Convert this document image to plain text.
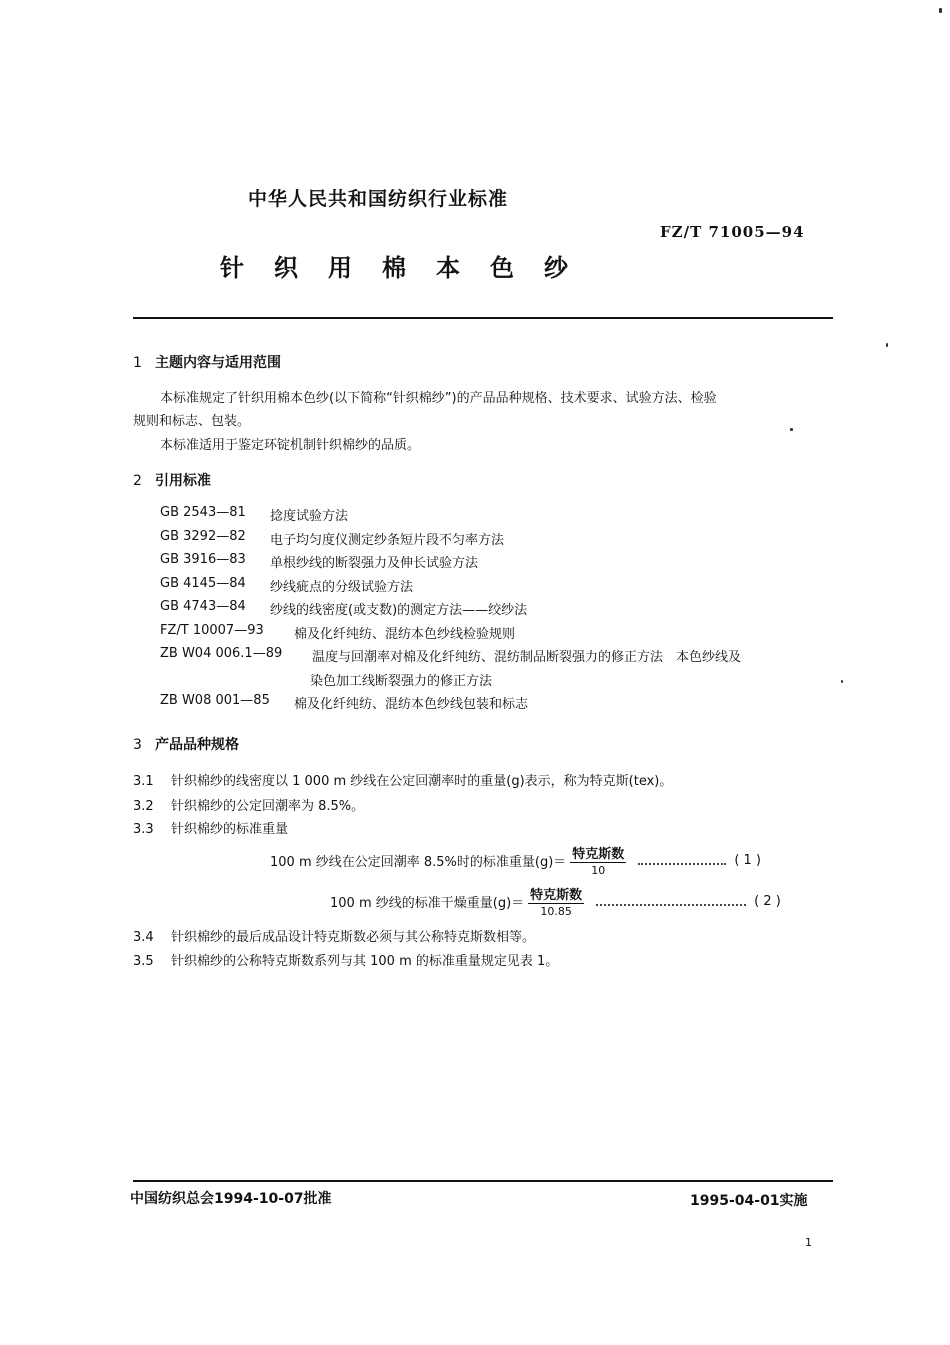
中华人民共和国纺织行业标准
FZ/T 71005—94
针织用棉本色纱
1 主题内容与适用范围
本标准规定了针织用棉本色纱(以下简称“针织棉纱”)的产品品种规格、技术要求、试验方法、检验
规则和标志、包装。
本标准适用于鉴定环锭机制针织棉纱的品质。
2 引用标准
GB 2543—81	捻度试验方法
GB 3292—82	电子均匀度仪测定纱条短片段不匀率方法
GB 3916—83	单根纱线的断裂强力及伸长试验方法
GB 4145—84	纱线疵点的分级试验方法
GB 4743—84	纱线的线密度(或支数)的测定方法——绞纱法
FZ/T 10007—93	棉及化纤纯纺、混纺本色纱线检验规则
ZB W04 006.1—89	温度与回潮率对棉及化纤纯纺、混纺制品断裂强力的修正方法　本色纱线及
染色加工线断裂强力的修正方法
ZB W08 001—85	棉及化纤纯纺、混纺本色纱线包装和标志
3 产品品种规格
3.1 针织棉纱的线密度以 1 000 m 纱线在公定回潮率时的重量(g)表示，称为特克斯(tex)。
3.2 针织棉纱的公定回潮率为 8.5%。
3.3 针织棉纱的标准重量
100 m 纱线在公定回潮率 8.5%时的标准重量$(g)= \frac{\text{特克斯数}}{10}$	( 1 )
100 m 纱线的标准干燥重量$(g)= \frac{\text{特克斯数}}{10.85}$	( 2 )
3.4 针织棉纱的最后成品设计特克斯数必须与其公称特克斯数相等。
3.5 针织棉纱的公称特克斯数系列与其 100 m 的标准重量规定见表 1。
中国纺织总会1994-10-07批准	1995-04-01实施
1
